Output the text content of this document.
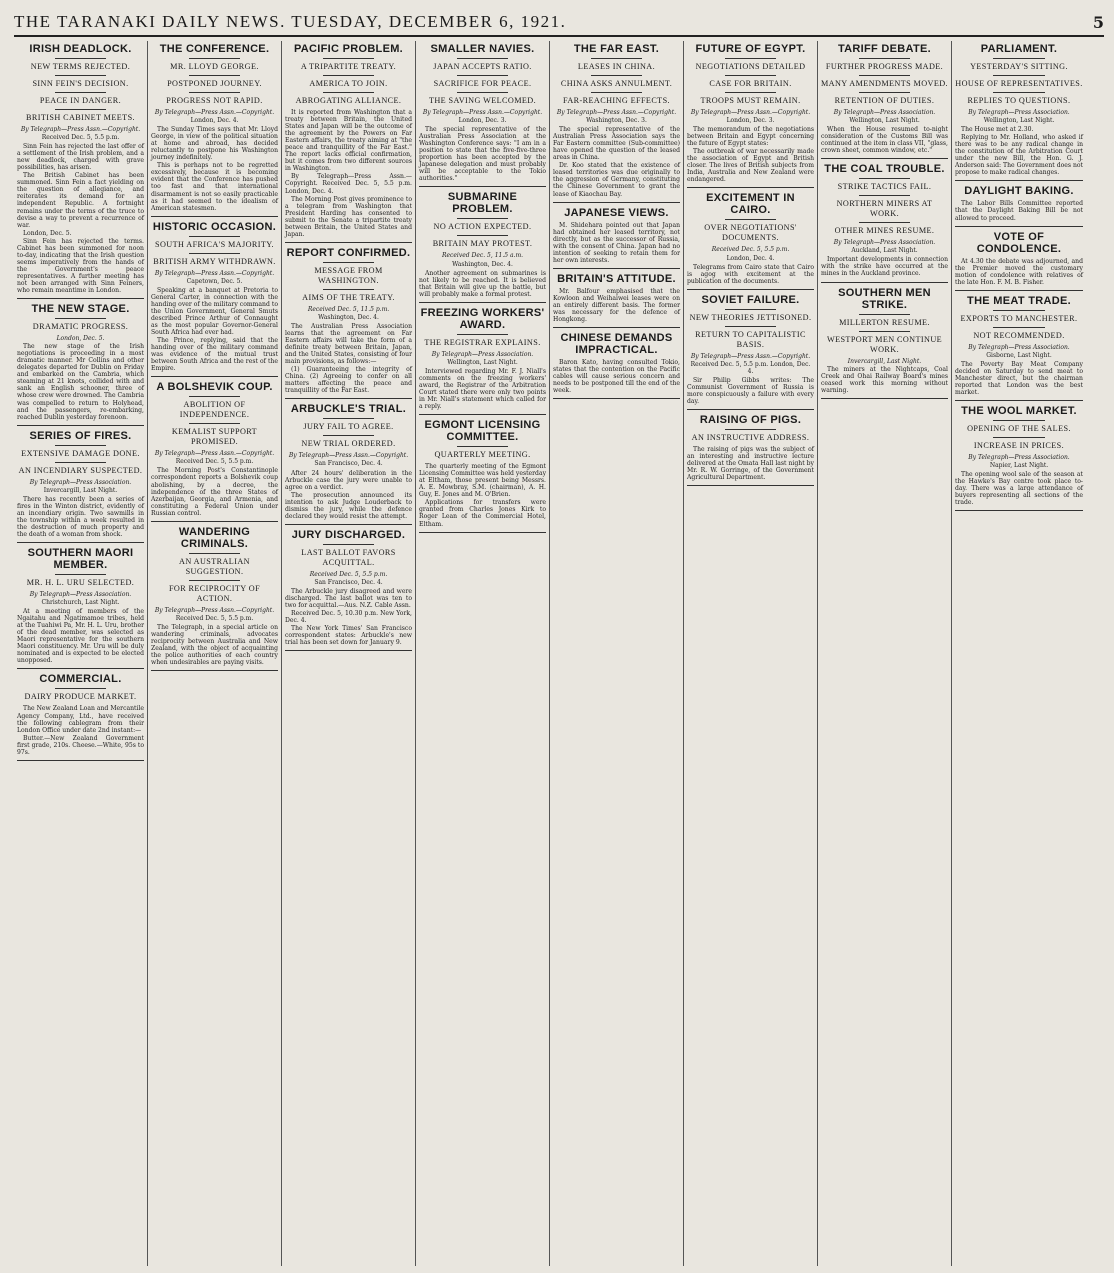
THE TARANAKI DAILY NEWS. TUESDAY, DECEMBER 6, 1921.	5
IRISH DEADLOCK.
NEW TERMS REJECTED.
SINN FEIN'S DECISION.
PEACE IN DANGER.
BRITISH CABINET MEETS.
By Telegraph—Press Assn.—Copyright.
Received Dec. 5, 5.5 p.m.

Sinn Fein has rejected the last offer of a settlement of the Irish problem, and a new deadlock, charged with grave possibilities, has arisen.

The British Cabinet has been summoned. Sinn Fein a fact yielding on the question of allegiance, and reiterates its demand for an independent Republic. A fortnight remains under the terms of the truce to devise a way to prevent a recurrence of war.

London, Dec. 5.

Sinn Fein has rejected the terms. Cabinet has been summoned for noon to-day, indicating that the Irish question seems imperatively from the hands of the Government's peace representatives. A further meeting has not been arranged with Sinn Feiners, who remain meantime in London.

THE NEW STAGE.
DRAMATIC PROGRESS.
London, Dec. 5.

The new stage of the Irish negotiations is proceeding in a most dramatic manner. Mr Collins and other delegates departed for Dublin on Friday and embarked on the Cambria, which steaming at 21 knots, collided with and sank an English schooner, three of whose crew were drowned. The Cambria was compelled to return to Holyhead, and the passengers, re-embarking, reached Dublin yesterday forenoon.

SERIES OF FIRES.
EXTENSIVE DAMAGE DONE.
AN INCENDIARY SUSPECTED.
By Telegraph—Press Association.
Invercargill, Last Night.

There has recently been a series of fires in the Winton district, evidently of an incendiary origin. Two sawmills in the township within a week resulted in the destruction of much property and the death of a woman from shock.

SOUTHERN MAORI MEMBER.
MR. H. L. URU SELECTED.
By Telegraph—Press Association.
Christchurch, Last Night.

At a meeting of members of the Ngaitahu and Ngatimamoe tribes, held at the Tuahiwi Pa, Mr. H. L. Uru, brother of the dead member, was selected as Maori representative for the southern Maori constituency. Mr. Uru will be duly nominated and is expected to be elected unopposed.

COMMERCIAL.
DAIRY PRODUCE MARKET.

The New Zealand Loan and Mercantile Agency Company, Ltd., have received the following cablegram from their London Office under date 2nd instant:—

Butter.—New Zealand Government first grade, 210s. Cheese.—White, 95s to 97s.

THE CONFERENCE.
MR. LLOYD GEORGE.
POSTPONED JOURNEY.
PROGRESS NOT RAPID.
By Telegraph—Press Assn.—Copyright.
London, Dec. 4.

The Sunday Times says that Mr. Lloyd George, in view of the political situation at home and abroad, has decided reluctantly to postpone his Washington journey indefinitely.

This is perhaps not to be regretted excessively, because it is becoming evident that the Conference has pushed too fast and that international disarmament is not so easily practicable as it had seemed to the idealism of American statesmen.

HISTORIC OCCASION.
SOUTH AFRICA'S MAJORITY.
BRITISH ARMY WITHDRAWN.
By Telegraph—Press Assn.—Copyright.
Capetown, Dec. 5.

Speaking at a banquet at Pretoria to General Carter, in connection with the handing over of the military command to the Union Government, General Smuts described Prince Arthur of Connaught as the most popular Governor-General South Africa had ever had.

The Prince, replying, said that the handing over of the military command was evidence of the mutual trust between South Africa and the rest of the Empire.

A BOLSHEVIK COUP.
ABOLITION OF INDEPENDENCE.
KEMALIST SUPPORT PROMISED.
By Telegraph—Press Assn.—Copyright.
Received Dec. 5, 5.5 p.m.

The Morning Post's Constantinople correspondent reports a Bolshevik coup abolishing, by a decree, the independence of the three States of Azerbaijan, Georgia, and Armenia, and constituting a Federal Union under Russian control.

WANDERING CRIMINALS.
AN AUSTRALIAN SUGGESTION.
FOR RECIPROCITY OF ACTION.
By Telegraph—Press Assn.—Copyright.
Received Dec. 5, 5.5 p.m.

The Telegraph, in a special article on wandering criminals, advocates reciprocity between Australia and New Zealand, with the object of acquainting the police authorities of each country when undesirables are paying visits.

PACIFIC PROBLEM.
A TRIPARTITE TREATY.
AMERICA TO JOIN.
ABROGATING ALLIANCE.

It is reported from Washington that a treaty between Britain, the United States and Japan will be the outcome of the agreement by the Powers on Far Eastern affairs, the treaty aiming at "the peace and tranquillity of the Far East." The report lacks official confirmation, but it comes from two different sources in Washington.

By Telegraph—Press Assn.—Copyright. Received Dec. 5, 5.5 p.m. London, Dec. 4.

The Morning Post gives prominence to a telegram from Washington that President Harding has consented to submit to the Senate a tripartite treaty between Britain, the United States and Japan.

REPORT CONFIRMED.
MESSAGE FROM WASHINGTON.
AIMS OF THE TREATY.
Received Dec. 5, 11.5 p.m.
Washington, Dec. 4.

The Australian Press Association learns that the agreement on Far Eastern affairs will take the form of a definite treaty between Britain, Japan, and the United States, consisting of four main provisions, as follows:—

(1) Guaranteeing the integrity of China. (2) Agreeing to confer on all matters affecting the peace and tranquillity of the Far East.

ARBUCKLE'S TRIAL.
JURY FAIL TO AGREE.
NEW TRIAL ORDERED.
By Telegraph—Press Assn.—Copyright.
San Francisco, Dec. 4.

After 24 hours' deliberation in the Arbuckle case the jury were unable to agree on a verdict.

The prosecution announced its intention to ask Judge Louderback to dismiss the jury, while the defence declared they would resist the attempt.

JURY DISCHARGED.
LAST BALLOT FAVORS ACQUITTAL.
Received Dec. 5, 5.5 p.m.
San Francisco, Dec. 4.

The Arbuckle jury disagreed and were discharged. The last ballot was ten to two for acquittal.—Aus. N.Z. Cable Assn.

Received Dec. 5, 10.30 p.m. New York, Dec. 4.

The New York Times' San Francisco correspondent states: Arbuckle's new trial has been set down for January 9.

SMALLER NAVIES.
JAPAN ACCEPTS RATIO.
SACRIFICE FOR PEACE.
THE SAVING WELCOMED.
By Telegraph—Press Assn.—Copyright.
London, Dec. 3.

The special representative of the Australian Press Association at the Washington Conference says: "I am in a position to state that the five-five-three proportion has been accepted by the Japanese delegation and must probably will be acceptable to the Tokio authorities."

SUBMARINE PROBLEM.
NO ACTION EXPECTED.
BRITAIN MAY PROTEST.
Received Dec. 5, 11.5 a.m.
Washington, Dec. 4.

Another agreement on submarines is not likely to be reached. It is believed that Britain will give up the battle, but will probably make a formal protest.

FREEZING WORKERS' AWARD.
THE REGISTRAR EXPLAINS.
By Telegraph—Press Association.
Wellington, Last Night.

Interviewed regarding Mr. F. J. Niall's comments on the freezing workers' award, the Registrar of the Arbitration Court stated there were only two points in Mr. Niall's statement which called for a reply.

EGMONT LICENSING COMMITTEE.
QUARTERLY MEETING.

The quarterly meeting of the Egmont Licensing Committee was held yesterday at Eltham, those present being Messrs. A. E. Mowbray, S.M. (chairman), A. H. Guy, E. Jones and M. O'Brien.

Applications for transfers were granted from Charles Jones Kirk to Roger Lean of the Commercial Hotel, Eltham.

THE FAR EAST.
LEASES IN CHINA.
CHINA ASKS ANNULMENT.
FAR-REACHING EFFECTS.
By Telegraph—Press Assn.—Copyright.
Washington, Dec. 3.

The special representative of the Australian Press Association says the Far Eastern committee (Sub-committee) have opened the question of the leased areas in China.

Dr. Koo stated that the existence of leased territories was due originally to the aggression of Germany, constituting the Chinese Government to grant the lease of Kiaochau Bay.

JAPANESE VIEWS.

M. Shidehara pointed out that Japan had obtained her leased territory, not directly, but as the successor of Russia, with the consent of China. Japan had no intention of seeking to retain them for her own interests.

BRITAIN'S ATTITUDE.

Mr. Balfour emphasised that the Kowloon and Weihaiwei leases were on an entirely different basis. The former was necessary for the defence of Hongkong.

CHINESE DEMANDS IMPRACTICAL.

Baron Kato, having consulted Tokio, states that the contention on the Pacific cables will cause serious concern and needs to be postponed till the end of the week.

FUTURE OF EGYPT.
NEGOTIATIONS DETAILED
CASE FOR BRITAIN.
TROOPS MUST REMAIN.
By Telegraph—Press Assn.—Copyright.
London, Dec. 3.

The memorandum of the negotiations between Britain and Egypt concerning the future of Egypt states:

The outbreak of war necessarily made the association of Egypt and British closer. The lives of British subjects from India, Australia and New Zealand were endangered.

EXCITEMENT IN CAIRO.
OVER NEGOTIATIONS' DOCUMENTS.
Received Dec. 5, 5.5 p.m.
London, Dec. 4.

Telegrams from Cairo state that Cairo is agog with excitement at the publication of the documents.

SOVIET FAILURE.
NEW THEORIES JETTISONED.
RETURN TO CAPITALISTIC BASIS.
By Telegraph—Press Assn.—Copyright.
Received Dec. 5, 5.5 p.m. London, Dec. 4.

Sir Philip Gibbs writes: The Communist Government of Russia is more conspicuously a failure with every day.

RAISING OF PIGS.
AN INSTRUCTIVE ADDRESS.

The raising of pigs was the subject of an interesting and instructive lecture delivered at the Omata Hall last night by Mr. R. W. Gorringe, of the Government Agricultural Department.

TARIFF DEBATE.
FURTHER PROGRESS MADE.
MANY AMENDMENTS MOVED.
RETENTION OF DUTIES.
By Telegraph—Press Association.
Wellington, Last Night.

When the House resumed to-night consideration of the Customs Bill was continued at the item in class VII, "glass, crown sheet, common window, etc."

THE COAL TROUBLE.
STRIKE TACTICS FAIL.
NORTHERN MINERS AT WORK.
OTHER MINES RESUME.
By Telegraph—Press Association.
Auckland, Last Night.

Important developments in connection with the strike have occurred at the mines in the Auckland province.

SOUTHERN MEN STRIKE.
MILLERTON RESUME.
WESTPORT MEN CONTINUE WORK.
Invercargill, Last Night.

The miners at the Nightcaps, Coal Creek and Ohai Railway Board's mines ceased work this morning without warning.

PARLIAMENT.
YESTERDAY'S SITTING.
HOUSE OF REPRESENTATIVES.
REPLIES TO QUESTIONS.
By Telegraph—Press Association.
Wellington, Last Night.

The House met at 2.30.

Replying to Mr. Holland, who asked if there was to be any radical change in the constitution of the Arbitration Court under the new Bill, the Hon. G. J. Anderson said: The Government does not propose to make radical changes.

DAYLIGHT BAKING.

The Labor Bills Committee reported that the Daylight Baking Bill be not allowed to proceed.

VOTE OF CONDOLENCE.

At 4.30 the debate was adjourned, and the Premier moved the customary motion of condolence with relatives of the late Hon. F. M. B. Fisher.

THE MEAT TRADE.
EXPORTS TO MANCHESTER.
NOT RECOMMENDED.
By Telegraph—Press Association.
Gisborne, Last Night.

The Poverty Bay Meat Company decided on Saturday to send meat to Manchester direct, but the chairman reported that London was the best market.

THE WOOL MARKET.
OPENING OF THE SALES.
INCREASE IN PRICES.
By Telegraph—Press Association.
Napier, Last Night.

The opening wool sale of the season at the Hawke's Bay centre took place to-day. There was a large attendance of buyers representing all sections of the trade.
